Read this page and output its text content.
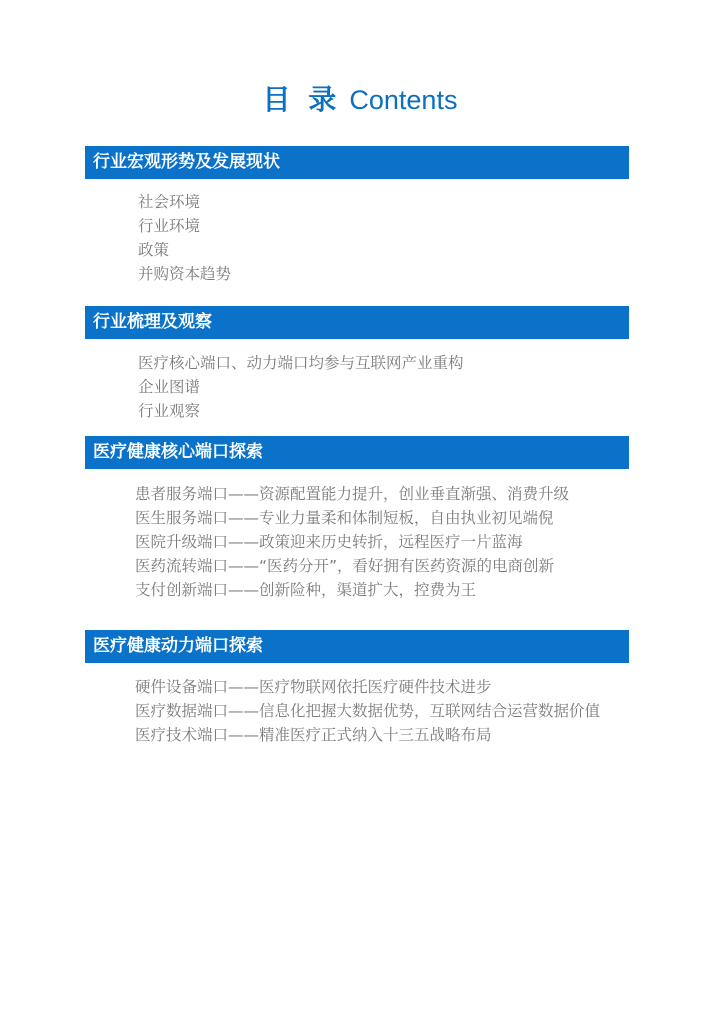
目 录 Contents
行业宏观形势及发展现状
社会环境
行业环境
政策
并购资本趋势
行业梳理及观察
医疗核心端口、动力端口均参与互联网产业重构
企业图谱
行业观察
医疗健康核心端口探索
患者服务端口——资源配置能力提升，创业垂直渐强、消费升级
医生服务端口——专业力量柔和体制短板，自由执业初见端倪
医院升级端口——政策迎来历史转折，远程医疗一片蓝海
医药流转端口——“医药分开”，看好拥有医药资源的电商创新
支付创新端口——创新险种，渠道扩大，控费为王
医疗健康动力端口探索
硬件设备端口——医疗物联网依托医疗硬件技术进步
医疗数据端口——信息化把握大数据优势，互联网结合运营数据价值
医疗技术端口——精准医疗正式纳入十三五战略布局
